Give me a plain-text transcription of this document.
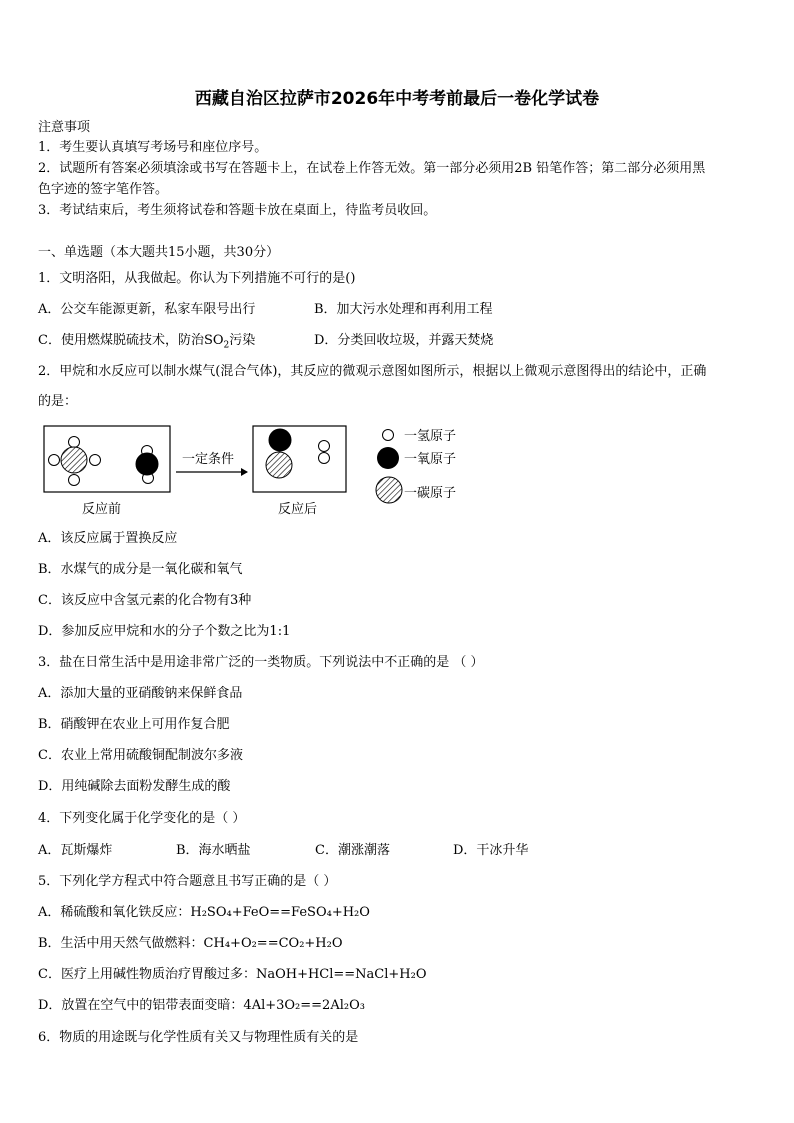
西藏自治区拉萨市2026年中考考前最后一卷化学试卷
注意事项
1．考生要认真填写考场号和座位序号。
2．试题所有答案必须填涂或书写在答题卡上，在试卷上作答无效。第一部分必须用2B 铅笔作答；第二部分必须用黑
色字迹的签字笔作答。
3．考试结束后，考生须将试卷和答题卡放在桌面上，待监考员收回。
一、单选题（本大题共15小题，共30分）
1．文明洛阳，从我做起。你认为下列措施不可行的是()
A．公交车能源更新，私家车限号出行	B．加大污水处理和再利用工程
C．使用燃煤脱硫技术，防治$SO_2$污染	D．分类回收垃圾，并露天焚烧
2．甲烷和水反应可以制水煤气(混合气体)，其反应的微观示意图如图所示，根据以上微观示意图得出的结论中，正确
的是：
一定条件
反应前	反应后
一氢原子
一氧原子
一碳原子
A．该反应属于置换反应
B．水煤气的成分是一氧化碳和氧气
C．该反应中含氢元素的化合物有3种
D．参加反应甲烷和水的分子个数之比为1:1
3．盐在日常生活中是用途非常广泛的一类物质。下列说法中不正确的是 （ ）
A．添加大量的亚硝酸钠来保鲜食品
B．硝酸钾在农业上可用作复合肥
C．农业上常用硫酸铜配制波尔多液
D．用纯碱除去面粉发酵生成的酸
4．下列变化属于化学变化的是（ ）
A．瓦斯爆炸	B．海水晒盐	C．潮涨潮落	D．干冰升华
5．下列化学方程式中符合题意且书写正确的是（ ）
A．稀硫酸和氧化铁反应：H₂SO₄+FeO==FeSO₄+H₂O
B．生活中用天然气做燃料：CH₄+O₂==CO₂+H₂O
C．医疗上用碱性物质治疗胃酸过多：NaOH+HCl==NaCl+H₂O
D．放置在空气中的铝带表面变暗：4Al+3O₂==2Al₂O₃
6．物质的用途既与化学性质有关又与物理性质有关的是
